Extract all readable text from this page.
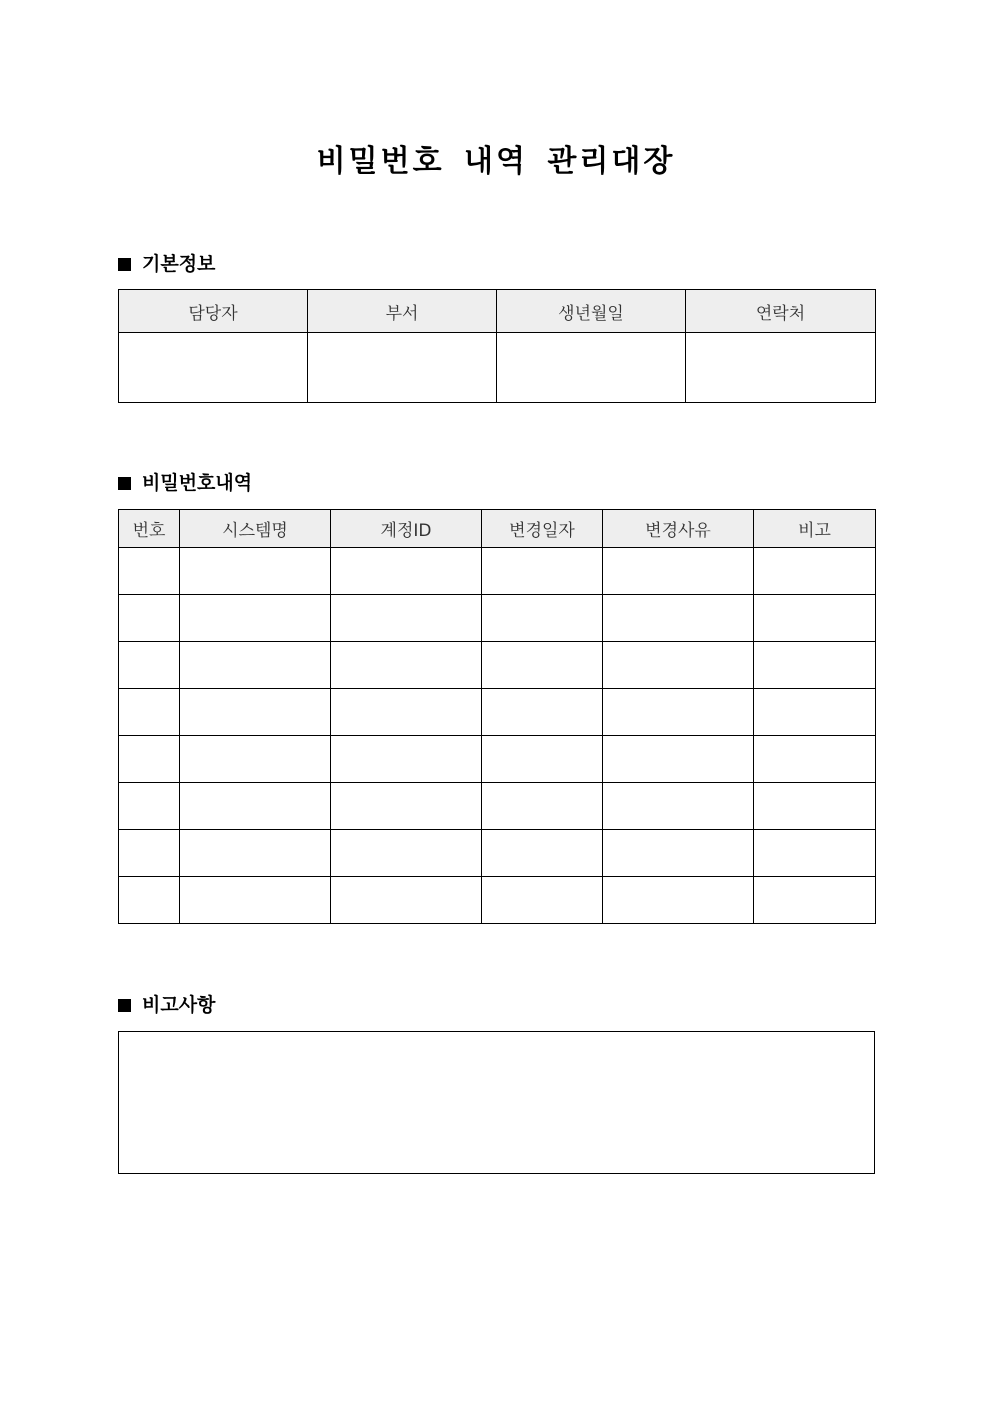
비밀번호 내역 관리대장
기본정보
담당자	부서	생년월일	연락처

비밀번호내역
번호	시스템명	계정ID	변경일자	변경사유	비고

비고사항
